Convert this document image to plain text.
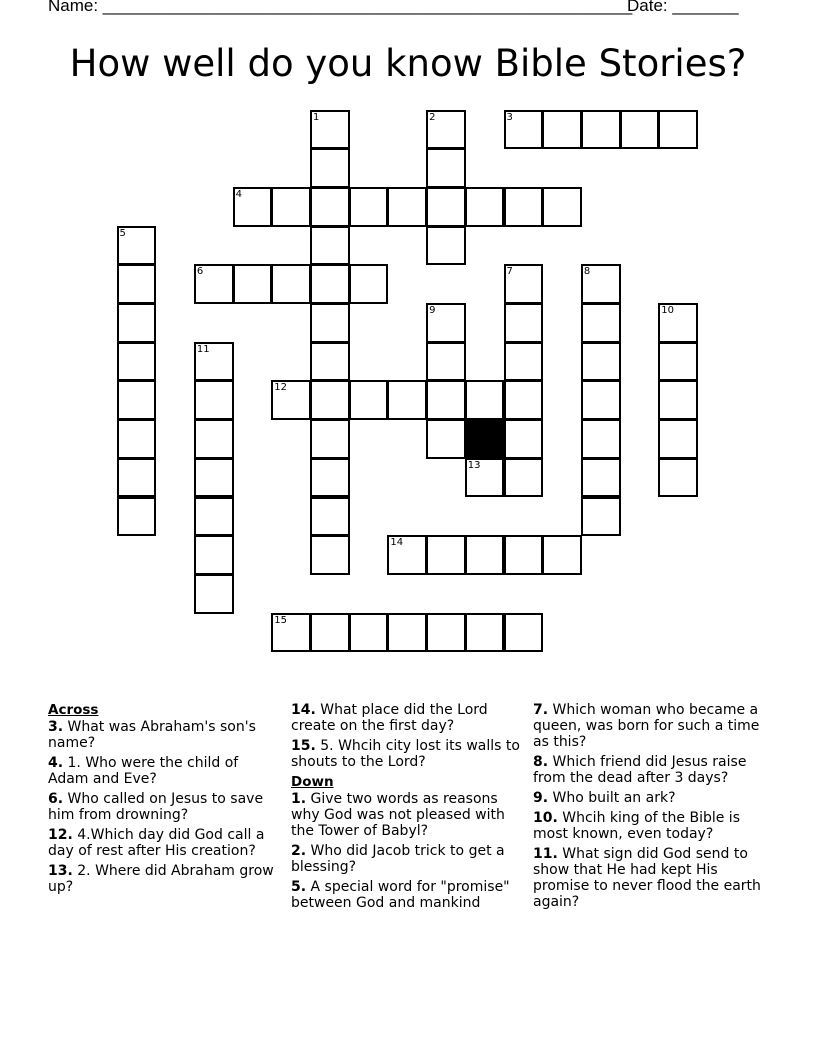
Name: ________________________________________________________
Date: _______
How well do you know Bible Stories?
1	2	3
4
5
6	7	8
9	10
11
12
13
14
15
Across
3. What was Abraham's son's name?
4. 1. Who were the child of Adam and Eve?
6. Who called on Jesus to save him from drowning?
12. 4.Which day did God call a day of rest after His creation?
13. 2. Where did Abraham grow up?
14. What place did the Lord create on the first day?
15. 5. Whcih city lost its walls to shouts to the Lord?
Down
1. Give two words as reasons why God was not pleased with the Tower of Babyl?
2. Who did Jacob trick to get a blessing?
5. A special word for "promise" between God and mankind
7. Which woman who became a queen, was born for such a time as this?
8. Which friend did Jesus raise from the dead after 3 days?
9. Who built an ark?
10. Whcih king of the Bible is most known, even today?
11. What sign did God send to show that He had kept His promise to never flood the earth again?
